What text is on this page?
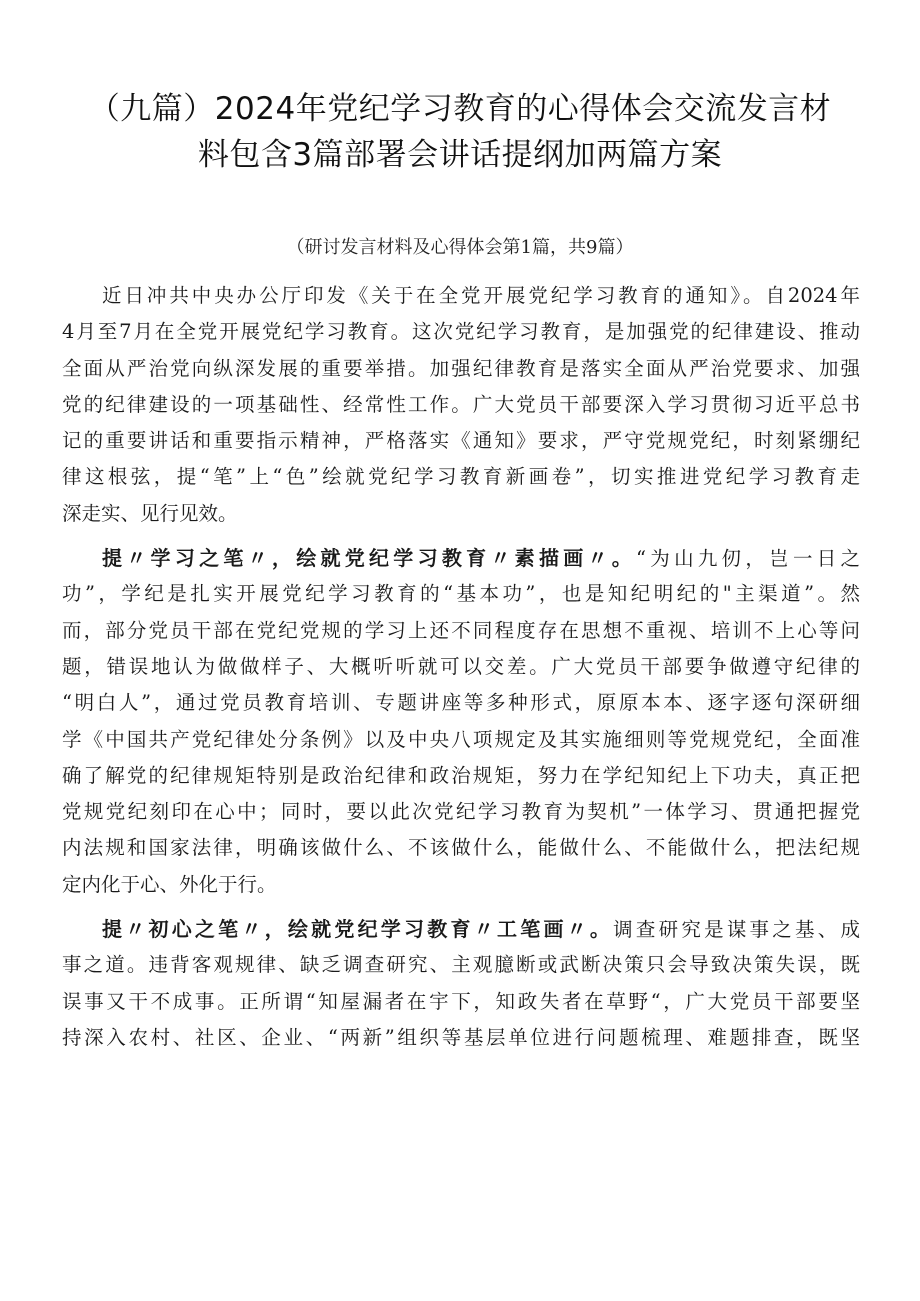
（九篇）2024年党纪学习教育的心得体会交流发言材
料包含3篇部署会讲话提纲加两篇方案
（研讨发言材料及心得体会第1篇，共9篇）
近日冲共中央办公厅印发《关于在全党开展党纪学习教育的通知》。自2024年
4月至7月在全党开展党纪学习教育。这次党纪学习教育，是加强党的纪律建设、推动
全面从严治党向纵深发展的重要举措。加强纪律教育是落实全面从严治党要求、加强
党的纪律建设的一项基础性、经常性工作。广大党员干部要深入学习贯彻习近平总书
记的重要讲话和重要指示精神，严格落实《通知》要求，严守党规党纪，时刻紧绷纪
律这根弦，提“笔”上“色”绘就党纪学习教育新画卷”，切实推进党纪学习教育走
深走实、见行见效。
提〃学习之笔〃，绘就党纪学习教育〃素描画〃。“为山九仞，岂一日之
功”，学纪是扎实开展党纪学习教育的“基本功”，也是知纪明纪的"主渠道”。然
而，部分党员干部在党纪党规的学习上还不同程度存在思想不重视、培训不上心等问
题，错误地认为做做样子、大概听听就可以交差。广大党员干部要争做遵守纪律的
“明白人”，通过党员教育培训、专题讲座等多种形式，原原本本、逐字逐句深研细
学《中国共产党纪律处分条例》以及中央八项规定及其实施细则等党规党纪，全面准
确了解党的纪律规矩特别是政治纪律和政治规矩，努力在学纪知纪上下功夫，真正把
党规党纪刻印在心中；同时，要以此次党纪学习教育为契机”一体学习、贯通把握党
内法规和国家法律，明确该做什么、不该做什么，能做什么、不能做什么，把法纪规
定内化于心、外化于行。
提〃初心之笔〃，绘就党纪学习教育〃工笔画〃。调查研究是谋事之基、成
事之道。违背客观规律、缺乏调查研究、主观臆断或武断决策只会导致决策失误，既
误事又干不成事。正所谓“知屋漏者在宇下，知政失者在草野“，广大党员干部要坚
持深入农村、社区、企业、“两新”组织等基层单位进行问题梳理、难题排查，既坚
